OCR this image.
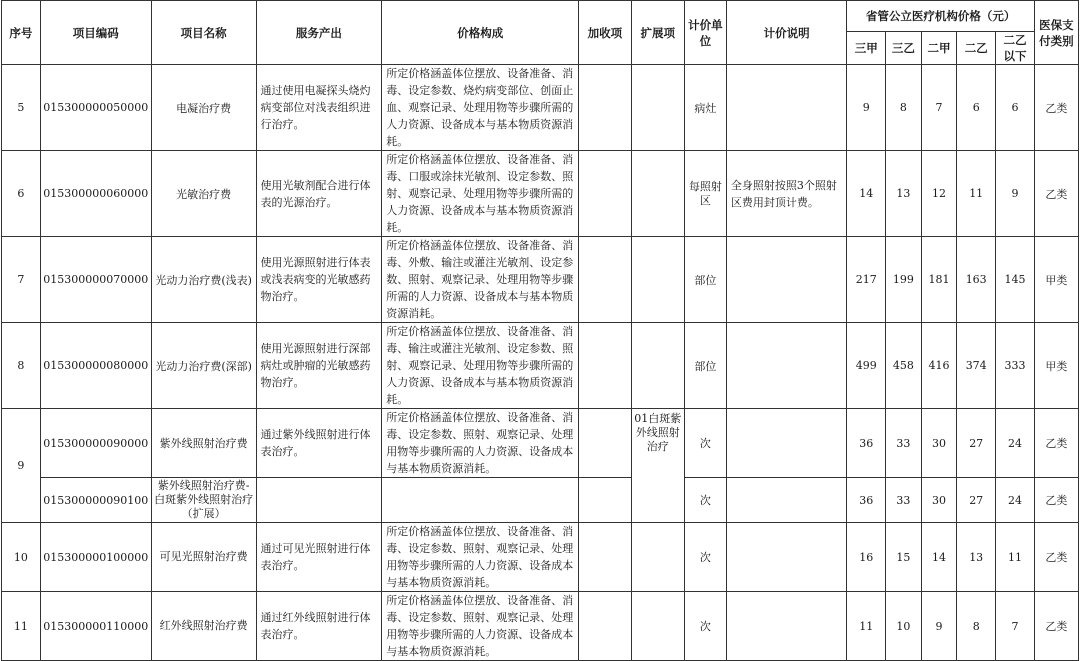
序号	项目编码	项目名称	服务产出	价格构成	加收项	扩展项	计价单位	计价说明	省管公立医疗机构价格（元）					医保支付类别
									三甲	三乙	二甲	二乙	二乙以下	
5	015300000050000	电凝治疗费	通过使用电凝探头烧灼病变部位对浅表组织进行治疗。	所定价格涵盖体位摆放、设备准备、消毒、设定参数、烧灼病变部位、创面止血、观察记录、处理用物等步骤所需的人力资源、设备成本与基本物质资源消耗。			病灶		9	8	7	6	6	乙类
6	015300000060000	光敏治疗费	使用光敏剂配合进行体表的光源治疗。	所定价格涵盖体位摆放、设备准备、消毒、口服或涂抹光敏剂、设定参数、照射、观察记录、处理用物等步骤所需的人力资源、设备成本与基本物质资源消耗。			每照射区	全身照射按照3个照射区费用封顶计费。	14	13	12	11	9	乙类
7	015300000070000	光动力治疗费(浅表)	使用光源照射进行体表或浅表病变的光敏感药物治疗。	所定价格涵盖体位摆放、设备准备、消毒、外敷、输注或灌注光敏剂、设定参数、照射、观察记录、处理用物等步骤所需的人力资源、设备成本与基本物质资源消耗。			部位		217	199	181	163	145	甲类
8	015300000080000	光动力治疗费(深部)	使用光源照射进行深部病灶或肿瘤的光敏感药物治疗。	所定价格涵盖体位摆放、设备准备、消毒、输注或灌注光敏剂、设定参数、照射、观察记录、处理用物等步骤所需的人力资源、设备成本与基本物质资源消耗。			部位		499	458	416	374	333	甲类
9	015300000090000	紫外线照射治疗费	通过紫外线照射进行体表治疗。	所定价格涵盖体位摆放、设备准备、消毒、设定参数、照射、观察记录、处理用物等步骤所需的人力资源、设备成本与基本物质资源消耗。		01白斑紫外线照射治疗	次		36	33	30	27	24	乙类
	015300000090100	紫外线照射治疗费-白斑紫外线照射治疗（扩展）					次		36	33	30	27	24	乙类
10	015300000100000	可见光照射治疗费	通过可见光照射进行体表治疗。	所定价格涵盖体位摆放、设备准备、消毒、设定参数、照射、观察记录、处理用物等步骤所需的人力资源、设备成本与基本物质资源消耗。			次		16	15	14	13	11	乙类
11	015300000110000	红外线照射治疗费	通过红外线照射进行体表治疗。	所定价格涵盖体位摆放、设备准备、消毒、设定参数、照射、观察记录、处理用物等步骤所需的人力资源、设备成本与基本物质资源消耗。			次		11	10	9	8	7	乙类
